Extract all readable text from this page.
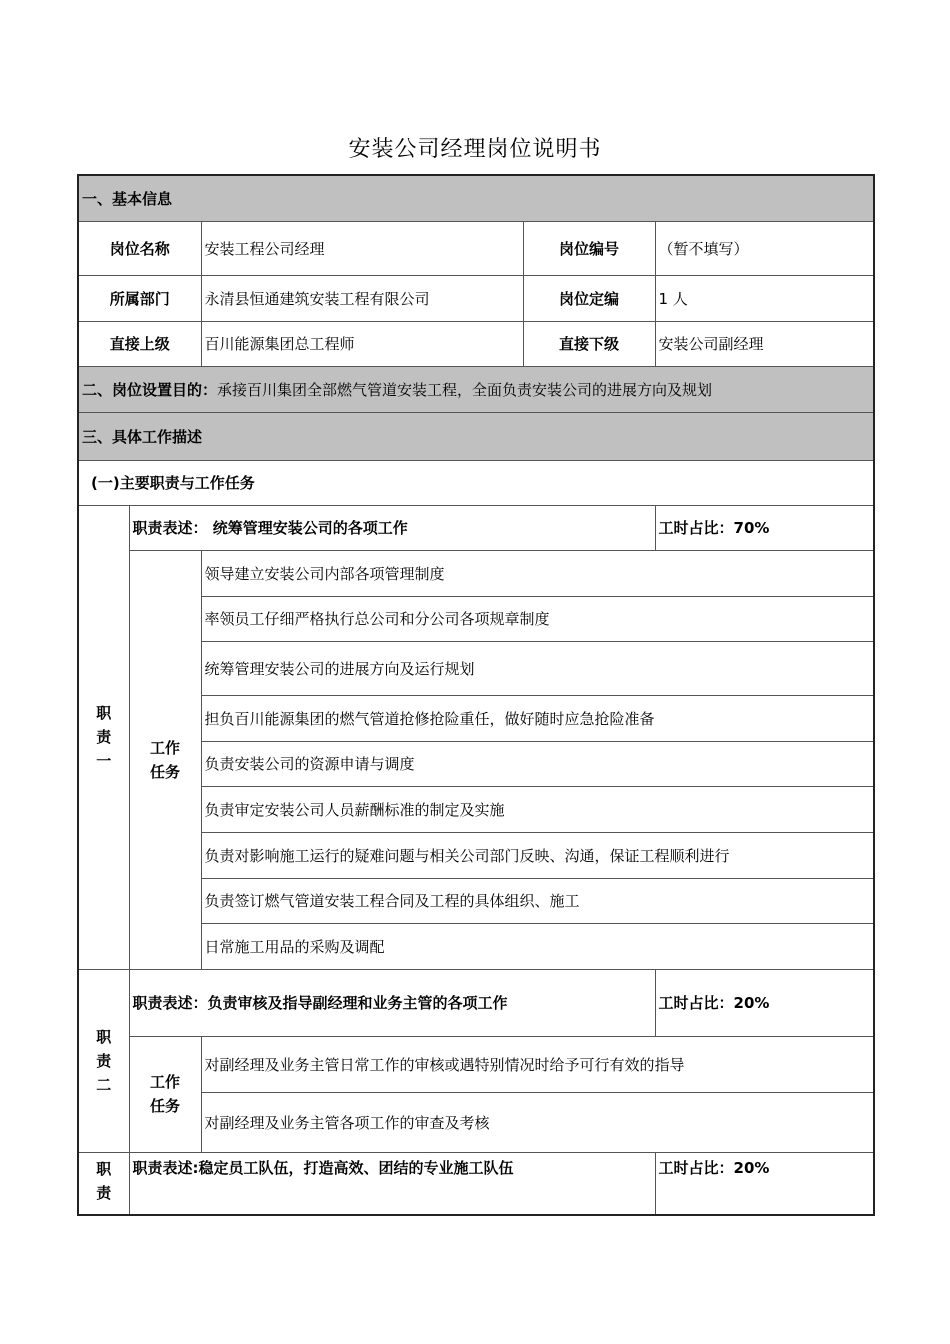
安装公司经理岗位说明书
一、基本信息				
岗位名称		安装工程公司经理	岗位编号	（暂不填写）
所属部门		永清县恒通建筑安装工程有限公司	岗位定编	1 人
直接上级		百川能源集团总工程师	直接下级	安装公司副经理
二、岗位设置目的：承接百川集团全部燃气管道安装工程，全面负责安装公司的进展方向及规划				
三、具体工作描述				
(一)主要职责与工作任务				
职责一	职责表述： 统筹管理安装公司的各项工作			工时占比：70%
	工作任务	领导建立安装公司内部各项管理制度		
		率领员工仔细严格执行总公司和分公司各项规章制度		
		统筹管理安装公司的进展方向及运行规划		
		担负百川能源集团的燃气管道抢修抢险重任，做好随时应急抢险准备		
		负责安装公司的资源申请与调度		
		负责审定安装公司人员薪酬标准的制定及实施		
		负责对影响施工运行的疑难问题与相关公司部门反映、沟通，保证工程顺利进行		
		负责签订燃气管道安装工程合同及工程的具体组织、施工		
		日常施工用品的采购及调配		
职责二	职责表述：负责审核及指导副经理和业务主管的各项工作			工时占比：20%
	工作任务	对副经理及业务主管日常工作的审核或遇特别情况时给予可行有效的指导		
		对副经理及业务主管各项工作的审查及考核		
职责	职责表述:稳定员工队伍，打造高效、团结的专业施工队伍			工时占比：20%
